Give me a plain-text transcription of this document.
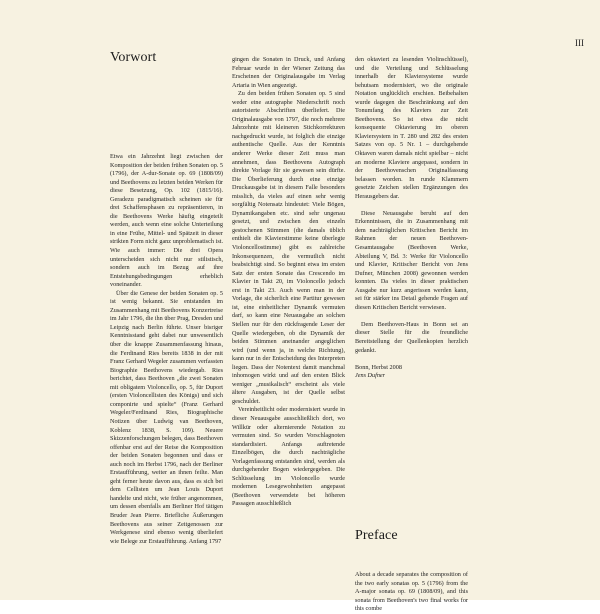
III
Vorwort

Etwa ein Jahrzehnt liegt zwischen der Komposition der beiden frühen Sonaten op. 5 (1796), der A-dur-Sonate op. 69 (1808/09) und Beethovens zu letzten beiden Werken für diese Besetzung, Op. 102 (1815/16). Geradezu paradigmatisch scheinen sie für drei Schaffensphasen zu repräsentieren, in die Beethovens Werke häufig eingeteilt werden, auch wenn eine solche Unterteilung in eine Frühe, Mittel- und Spätzeit in dieser strikten Form nicht ganz unproblematisch ist. Wie auch immer: Die drei Opera unterscheiden sich nicht nur stilistisch, sondern auch im Bezug auf ihre Entstehungsbedingungen erheblich voneinander.

Über die Genese der beiden Sonaten op. 5 ist wenig bekannt. Sie entstanden im Zusammenhang mit Beethovens Konzertreise im Jahr 1796, die ihn über Prag, Dresden und Leipzig nach Berlin führte. Unser bisriger Kenntnisstand geht dabei nur unwesentlich über die knappe Zusammenfassung hinaus, die Ferdinand Ries bereits 1838 in der mit Franz Gerhard Wegeler zusammen verfassten Biographie Beethovens wiedergab. Ries berichtet, dass Beethoven „die zwei Sonaten mit obligatem Violoncello, op. 5, für Duport (ersten Violoncellisten des Königs) und sich componirte und spielte“ (Franz Gerhard Wegeler/Ferdinand Ries, Biographische Notizen über Ludwig van Beethoven, Koblenz 1838, S. 109). Neuere Skizzenforschungen belegen, dass Beethoven offenbar erst auf der Reise die Komposition der beiden Sonaten begonnen und dass er auch noch im Herbst 1796, nach der Berliner Erstaufführung, weiter an ihnen feilte. Man geht ferner heute davon aus, dass es sich bei dem Cellisten um Jean Louis Duport handelte und nicht, wie früher angenommen, um dessen ebenfalls am Berliner Hof tätigen Bruder Jean Pierre. Briefliche Äußerungen Beethovens aus seiner Zeitgenossen zur Werkgenese sind ebenso wenig überliefert wie Belege zur Erstaufführung. Anfang 1797

gingen die Sonaten in Druck, und Anfang Februar wurde in der Wiener Zeitung das Erscheinen der Originalausgabe im Verlag Artaria in Wien angezeigt.

Zu den beiden frühen Sonaten op. 5 sind weder eine autographe Niederschrift noch autorisierte Abschriften überliefert. Die Originalausgabe von 1797, die noch mehrere Jahrzehnte mit kleineren Stichkorrekturen nachgedruckt wurde, ist folglich die einzige authentische Quelle. Aus der Kenntnis anderer Werke dieser Zeit muss man annehmen, dass Beethovens Autograph direkte Vorlage für sie gewesen sein dürfte. Die Überlieferung durch eine einzige Druckausgabe ist in diesem Falle besonders misslich, da vieles auf einen sehr wenig sorgfältig Notensatz hindeutet: Viele Bögen, Dynamikangaben etc. sind sehr ungenau gesetzt, und zwischen den einzeln gestochenen Stimmen (die damals üblich enthielt die Klavierstimme keine überlegte Violoncellostimme) gibt es zahlreiche Inkonsequenzen, die vermutlich nicht beabsichtigt sind. So beginnt etwa im ersten Satz der ersten Sonate das Crescendo im Klavier in Takt 20, im Violoncello jedoch erst in Takt 23. Auch wenn man in der Vorlage, die sicherlich eine Partitur gewesen ist, eine einheitlicher Dynamik vermuten darf, so kann eine Neuausgabe an solchen Stellen nur für den rückfragende Leser der Quelle wiedergeben, ob die Dynamik der beiden Stimmen aneinander angeglichen wird (und wenn ja, in welche Richtung), kann nur in der Entscheidung des Interpreten liegen. Dass der Notentext damit manchmal inhomogen wirkt und auf den ersten Blick weniger „musikalisch“ erscheint als viele ältere Ausgaben, ist der Quelle selbst geschuldet.

Vereinheitlicht oder modernisiert wurde in dieser Neuausgabe ausschließlich dort, wo Willkür oder alternierende Notation zu vermuten sind. So wurden Vorschlagnoten standardisiert. Anfangs auftretende Einzelbögen, die durch nachträgliche Vorlagenfassung entstanden sind, werden als durchgehender Bogen wiedergegeben. Die Schlüsselung im Violoncello wurde modernen Lesegewohnheiten angepasst (Beethoven verwendete bei höheren Passagen ausschließlich

den oktaviert zu lesenden Violinschlüssel), und die Verteilung und Schlüsselung innerhalb der Klaviersysteme wurde behutsam modernisiert, wo die originale Notation unglücklich erschien. Beibehalten wurde dagegen die Beschränkung auf den Tonumfang des Klaviers zur Zeit Beethovens. So ist etwa die nicht konsequente Oktavierung im oberen Klaviersystem in T. 280 und 282 des ersten Satzes von op. 5 Nr. 1 – durchgehende Oktaven waren damals nicht spielbar – nicht an moderne Klaviere angepasst, sondern in der Beethovenschen Originalfassung belassen worden. In runde Klammern gesetzte Zeichen stellen Ergänzungen des Herausgebers dar.

Diese Neuausgabe beruht auf den Erkenntnissen, die in Zusammenhang mit dem nachträglichen Kritischen Bericht im Rahmen der neuen Beethoven-Gesamtausgabe (Beethoven Werke, Abteilung V, Bd. 3: Werke für Violoncello und Klavier, Kritischer Bericht von Jens Dufner, München 2008) gewonnen werden konnten. Da vieles in dieser praktischen Ausgabe nur kurz angerissen werden kann, sei für stärker ins Detail gehende Fragen auf diesen Kritischen Bericht verwiesen.

Dem Beethoven-Haus in Bonn sei an dieser Stelle für die freundliche Bereitstellung der Quellenkopien herzlich gedankt.

Bonn, Herbst 2008

Jens Dufner

Preface

About a decade separates the composition of the two early sonatas op. 5 (1796) from the A-major sonata op. 69 (1808/09), and this sonata from Beethoven's two final works for this combe
